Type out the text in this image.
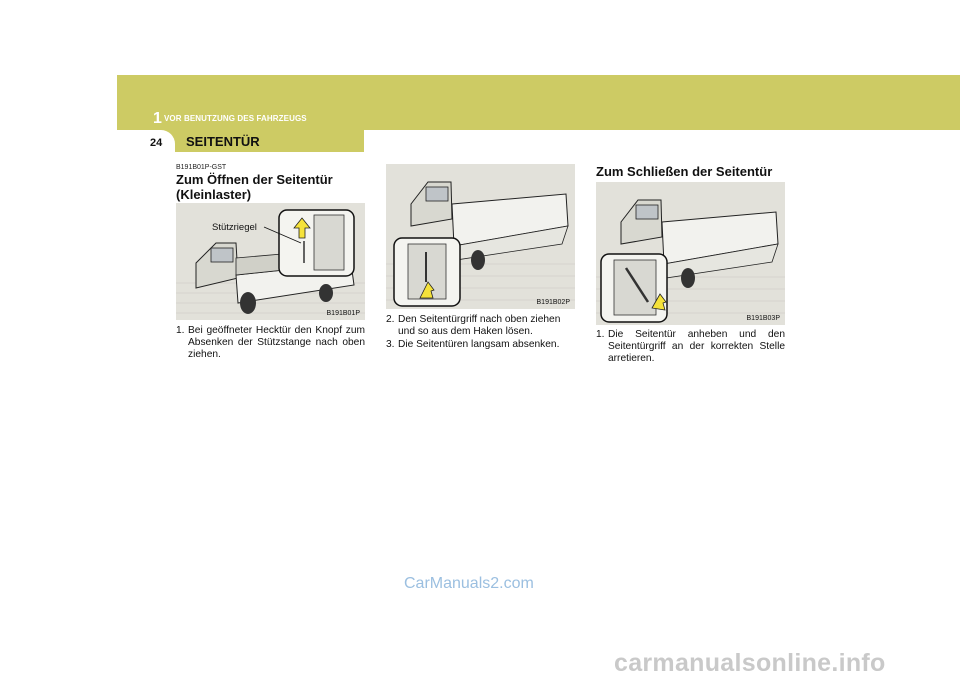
1 VOR BENUTZUNG DES FAHRZEUGS
24 SEITENTÜR
B191B01P-GST
Zum Öffnen der Seitentür
(Kleinlaster)
Stützriegel
B191B01P
1. Bei geöffneter Hecktür den Knopf zum Absenken der Stützstange nach oben ziehen.
B191B02P
2. Den Seitentürgriff nach oben ziehen und so aus dem Haken lösen.
3. Die Seitentüren langsam absenken.
Zum Schließen der Seitentür
B191B03P
1. Die Seitentür anheben und den Seitentürgriff an der korrekten Stelle arretieren.
CarManuals2.com
carmanualsonline.info
